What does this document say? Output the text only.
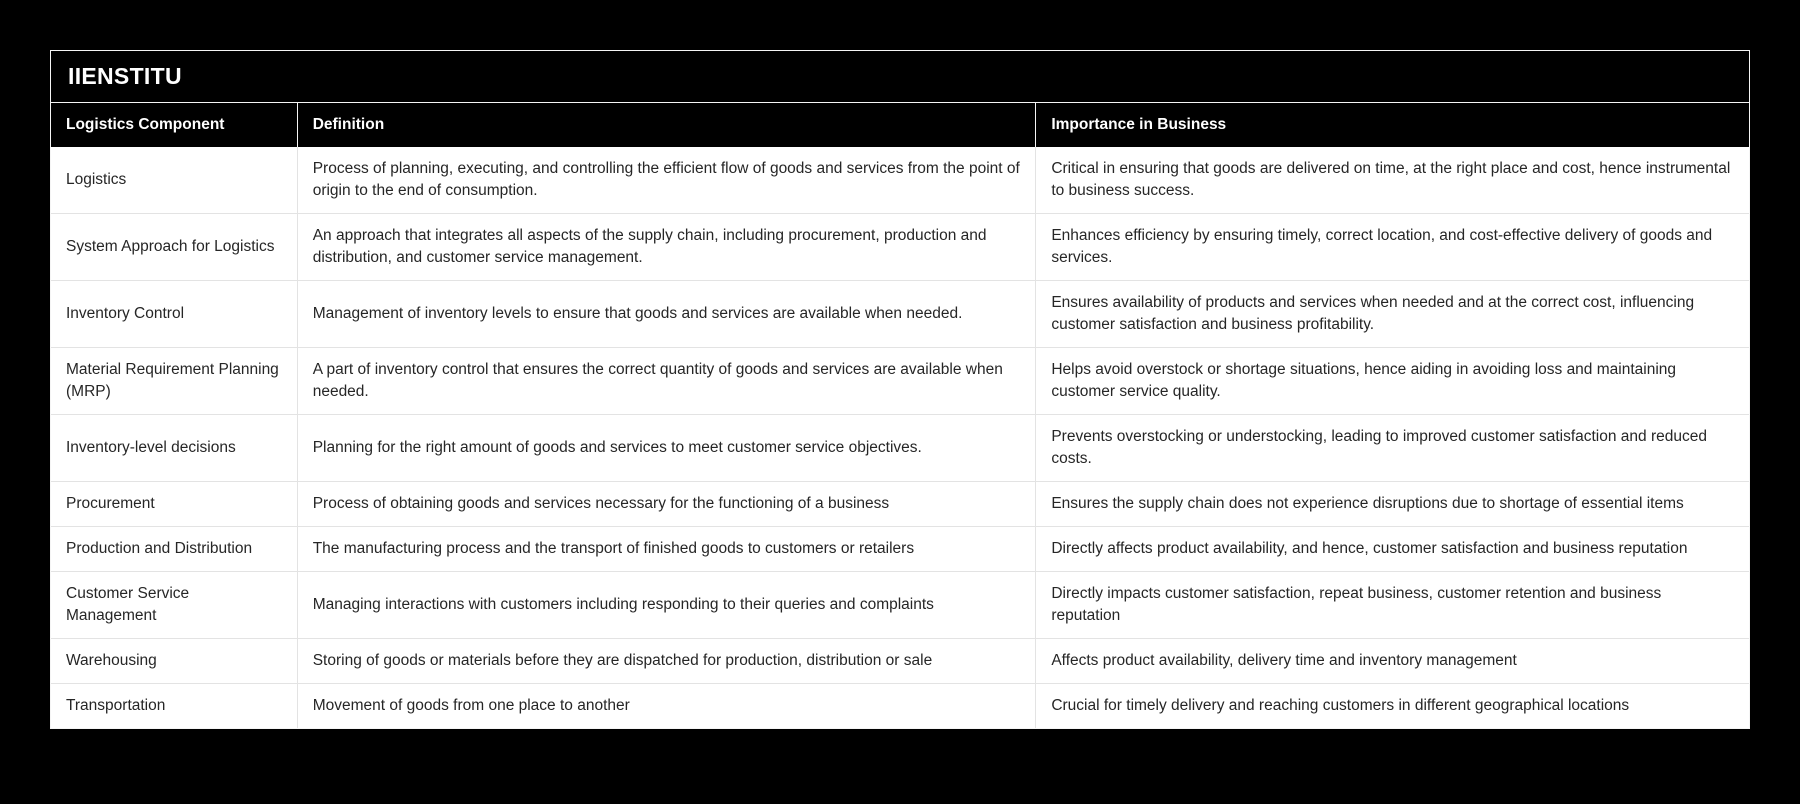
IIENSTITU
Logistics Component	Definition	Importance in Business
Logistics	Process of planning, executing, and controlling the efficient flow of goods and services from the point of origin to the end of consumption.	Critical in ensuring that goods are delivered on time, at the right place and cost, hence instrumental to business success.
System Approach for Logistics	An approach that integrates all aspects of the supply chain, including procurement, production and distribution, and customer service management.	Enhances efficiency by ensuring timely, correct location, and cost-effective delivery of goods and services.
Inventory Control	Management of inventory levels to ensure that goods and services are available when needed.	Ensures availability of products and services when needed and at the correct cost, influencing customer satisfaction and business profitability.
Material Requirement Planning (MRP)	A part of inventory control that ensures the correct quantity of goods and services are available when needed.	Helps avoid overstock or shortage situations, hence aiding in avoiding loss and maintaining customer service quality.
Inventory-level decisions	Planning for the right amount of goods and services to meet customer service objectives.	Prevents overstocking or understocking, leading to improved customer satisfaction and reduced costs.
Procurement	Process of obtaining goods and services necessary for the functioning of a business	Ensures the supply chain does not experience disruptions due to shortage of essential items
Production and Distribution	The manufacturing process and the transport of finished goods to customers or retailers	Directly affects product availability, and hence, customer satisfaction and business reputation
Customer Service Management	Managing interactions with customers including responding to their queries and complaints	Directly impacts customer satisfaction, repeat business, customer retention and business reputation
Warehousing	Storing of goods or materials before they are dispatched for production, distribution or sale	Affects product availability, delivery time and inventory management
Transportation	Movement of goods from one place to another	Crucial for timely delivery and reaching customers in different geographical locations
